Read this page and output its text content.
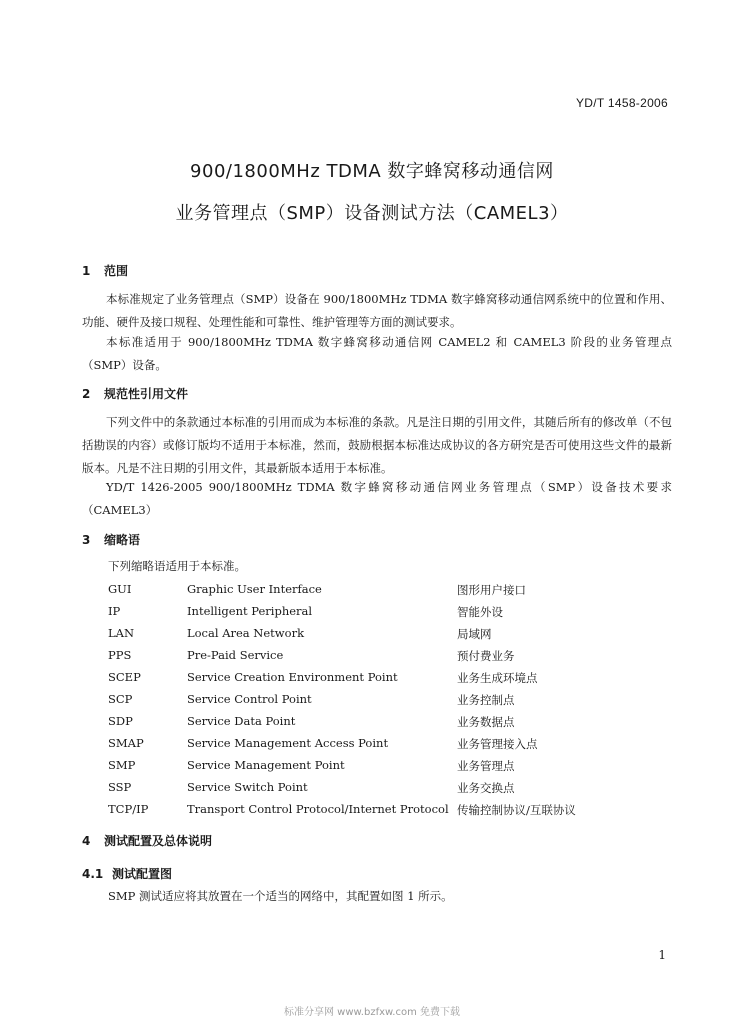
YD/T 1458-2006
900/1800MHz TDMA 数字蜂窝移动通信网
业务管理点（SMP）设备测试方法（CAMEL3）
1 范围
本标准规定了业务管理点（SMP）设备在 900/1800MHz TDMA 数字蜂窝移动通信网系统中的位置和作用、功能、硬件及接口规程、处理性能和可靠性、维护管理等方面的测试要求。
本标准适用于 900/1800MHz TDMA 数字蜂窝移动通信网 CAMEL2 和 CAMEL3 阶段的业务管理点（SMP）设备。
2 规范性引用文件
下列文件中的条款通过本标准的引用而成为本标准的条款。凡是注日期的引用文件，其随后所有的修改单（不包括勘误的内容）或修订版均不适用于本标准，然而，鼓励根据本标准达成协议的各方研究是否可使用这些文件的最新版本。凡是不注日期的引用文件，其最新版本适用于本标准。
YD/T 1426-2005 900/1800MHz TDMA 数字蜂窝移动通信网业务管理点（SMP）设备技术要求（CAMEL3）
3 缩略语
下列缩略语适用于本标准。
GUI	Graphic User Interface	图形用户接口
IP	Intelligent Peripheral	智能外设
LAN	Local Area Network	局域网
PPS	Pre-Paid Service	预付费业务
SCEP	Service Creation Environment Point	业务生成环境点
SCP	Service Control Point	业务控制点
SDP	Service Data Point	业务数据点
SMAP	Service Management Access Point	业务管理接入点
SMP	Service Management Point	业务管理点
SSP	Service Switch Point	业务交换点
TCP/IP	Transport Control Protocol/Internet Protocol 传输控制协议/互联协议
4 测试配置及总体说明
4.1 测试配置图
SMP 测试适应将其放置在一个适当的网络中，其配置如图 1 所示。
1
标准分享网 www.bzfxw.com 免费下载
